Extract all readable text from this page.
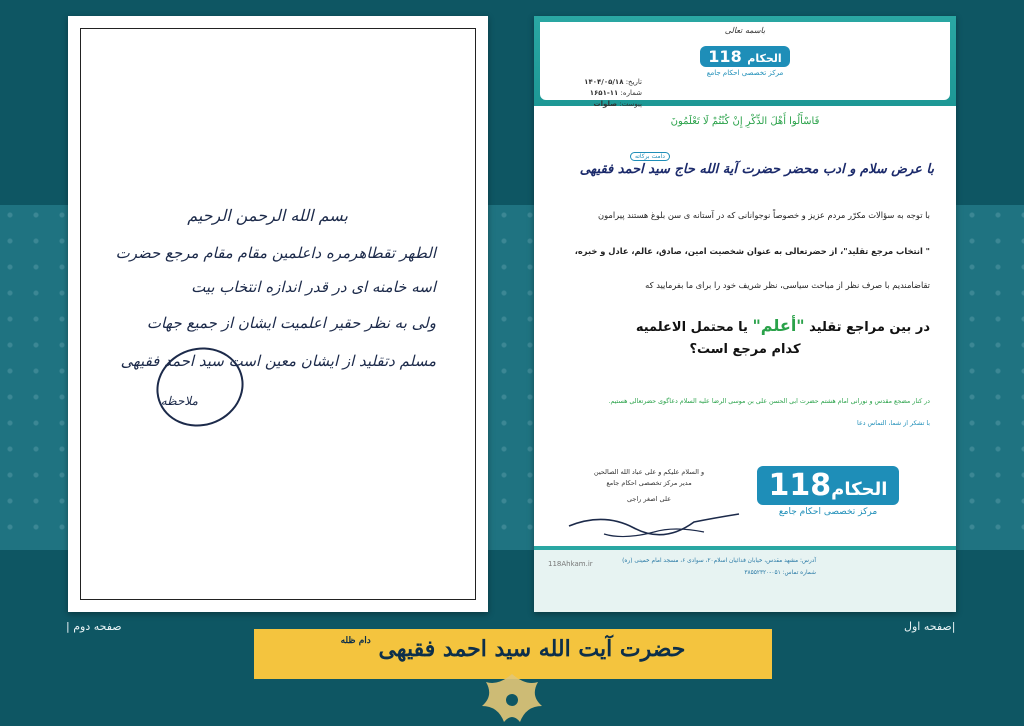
بسم الله الرحمن الرحیم
الطهر تقطاهرمره داعلمین مقام مقام مرجع حضرت
اسه خامنه ای در قدر اندازه انتخاب بیت
ولی به نظر حقیر اعلمیت ایشان از جمیع جهات
مسلم دتقلید از ایشان معین است سید احمد فقیهی
ملاحظه
باسمه تعالی
118 الحکام
مرکز تخصصی احکام جامع
تاریخ: ۱۴۰۴/۰۵/۱۸
شماره: ۱۱-۱۶۵۱
پیوست: صلوات
فَاسْأَلُوا أَهْلَ الذِّكْرِ إِنْ كُنْتُمْ لَا تَعْلَمُونَ
با عرض سلام و ادب محضر حضرت آیة الله حاج سید احمد فقیهی
دامت برکاته
با توجه به سؤالات مکرّر مردم عزیز و خصوصاً نوجوانانی که در آستانه ی سن بلوغ هستند پیرامون
" انتخاب مرجع تقلید"، از حضرتعالی به عنوان شخصیت امین، صادق، عالم، عادل و خبره،
تقاضامندیم با صرف نظر از مباحث سیاسی، نظر شریف خود را برای ما بفرمایید که
در بین مراجع تقلید "أعلم" یا محتمل الاعلمیه
کدام مرجع است؟
در کنار مضجع مقدس و نورانی امام هشتم حضرت ابی الحسن علی بن موسی الرضا علیه السلام دعاگوی حضرتعالی هستیم.
با تشکر از شما، التماس دعا
و السلام علیکم و علی عباد الله الصالحین
مدیر مرکز تخصصی احکام جامع
علی اصغر راجی	118الحکام
مرکز تخصصی احکام جامع
118Ahkam.ir	آدرس: مشهد مقدس، خیابان فدائیان اسلام۲۰، سوادی ۶، مسجد امام خمینی (ره)
شماره تماس: ۰۵۱-۳۸۵۵۲۳۲۰
صفحه دوم |	|صفحه اول
حضرت آیت الله سید احمد فقیهی $^{دام ظله}$
